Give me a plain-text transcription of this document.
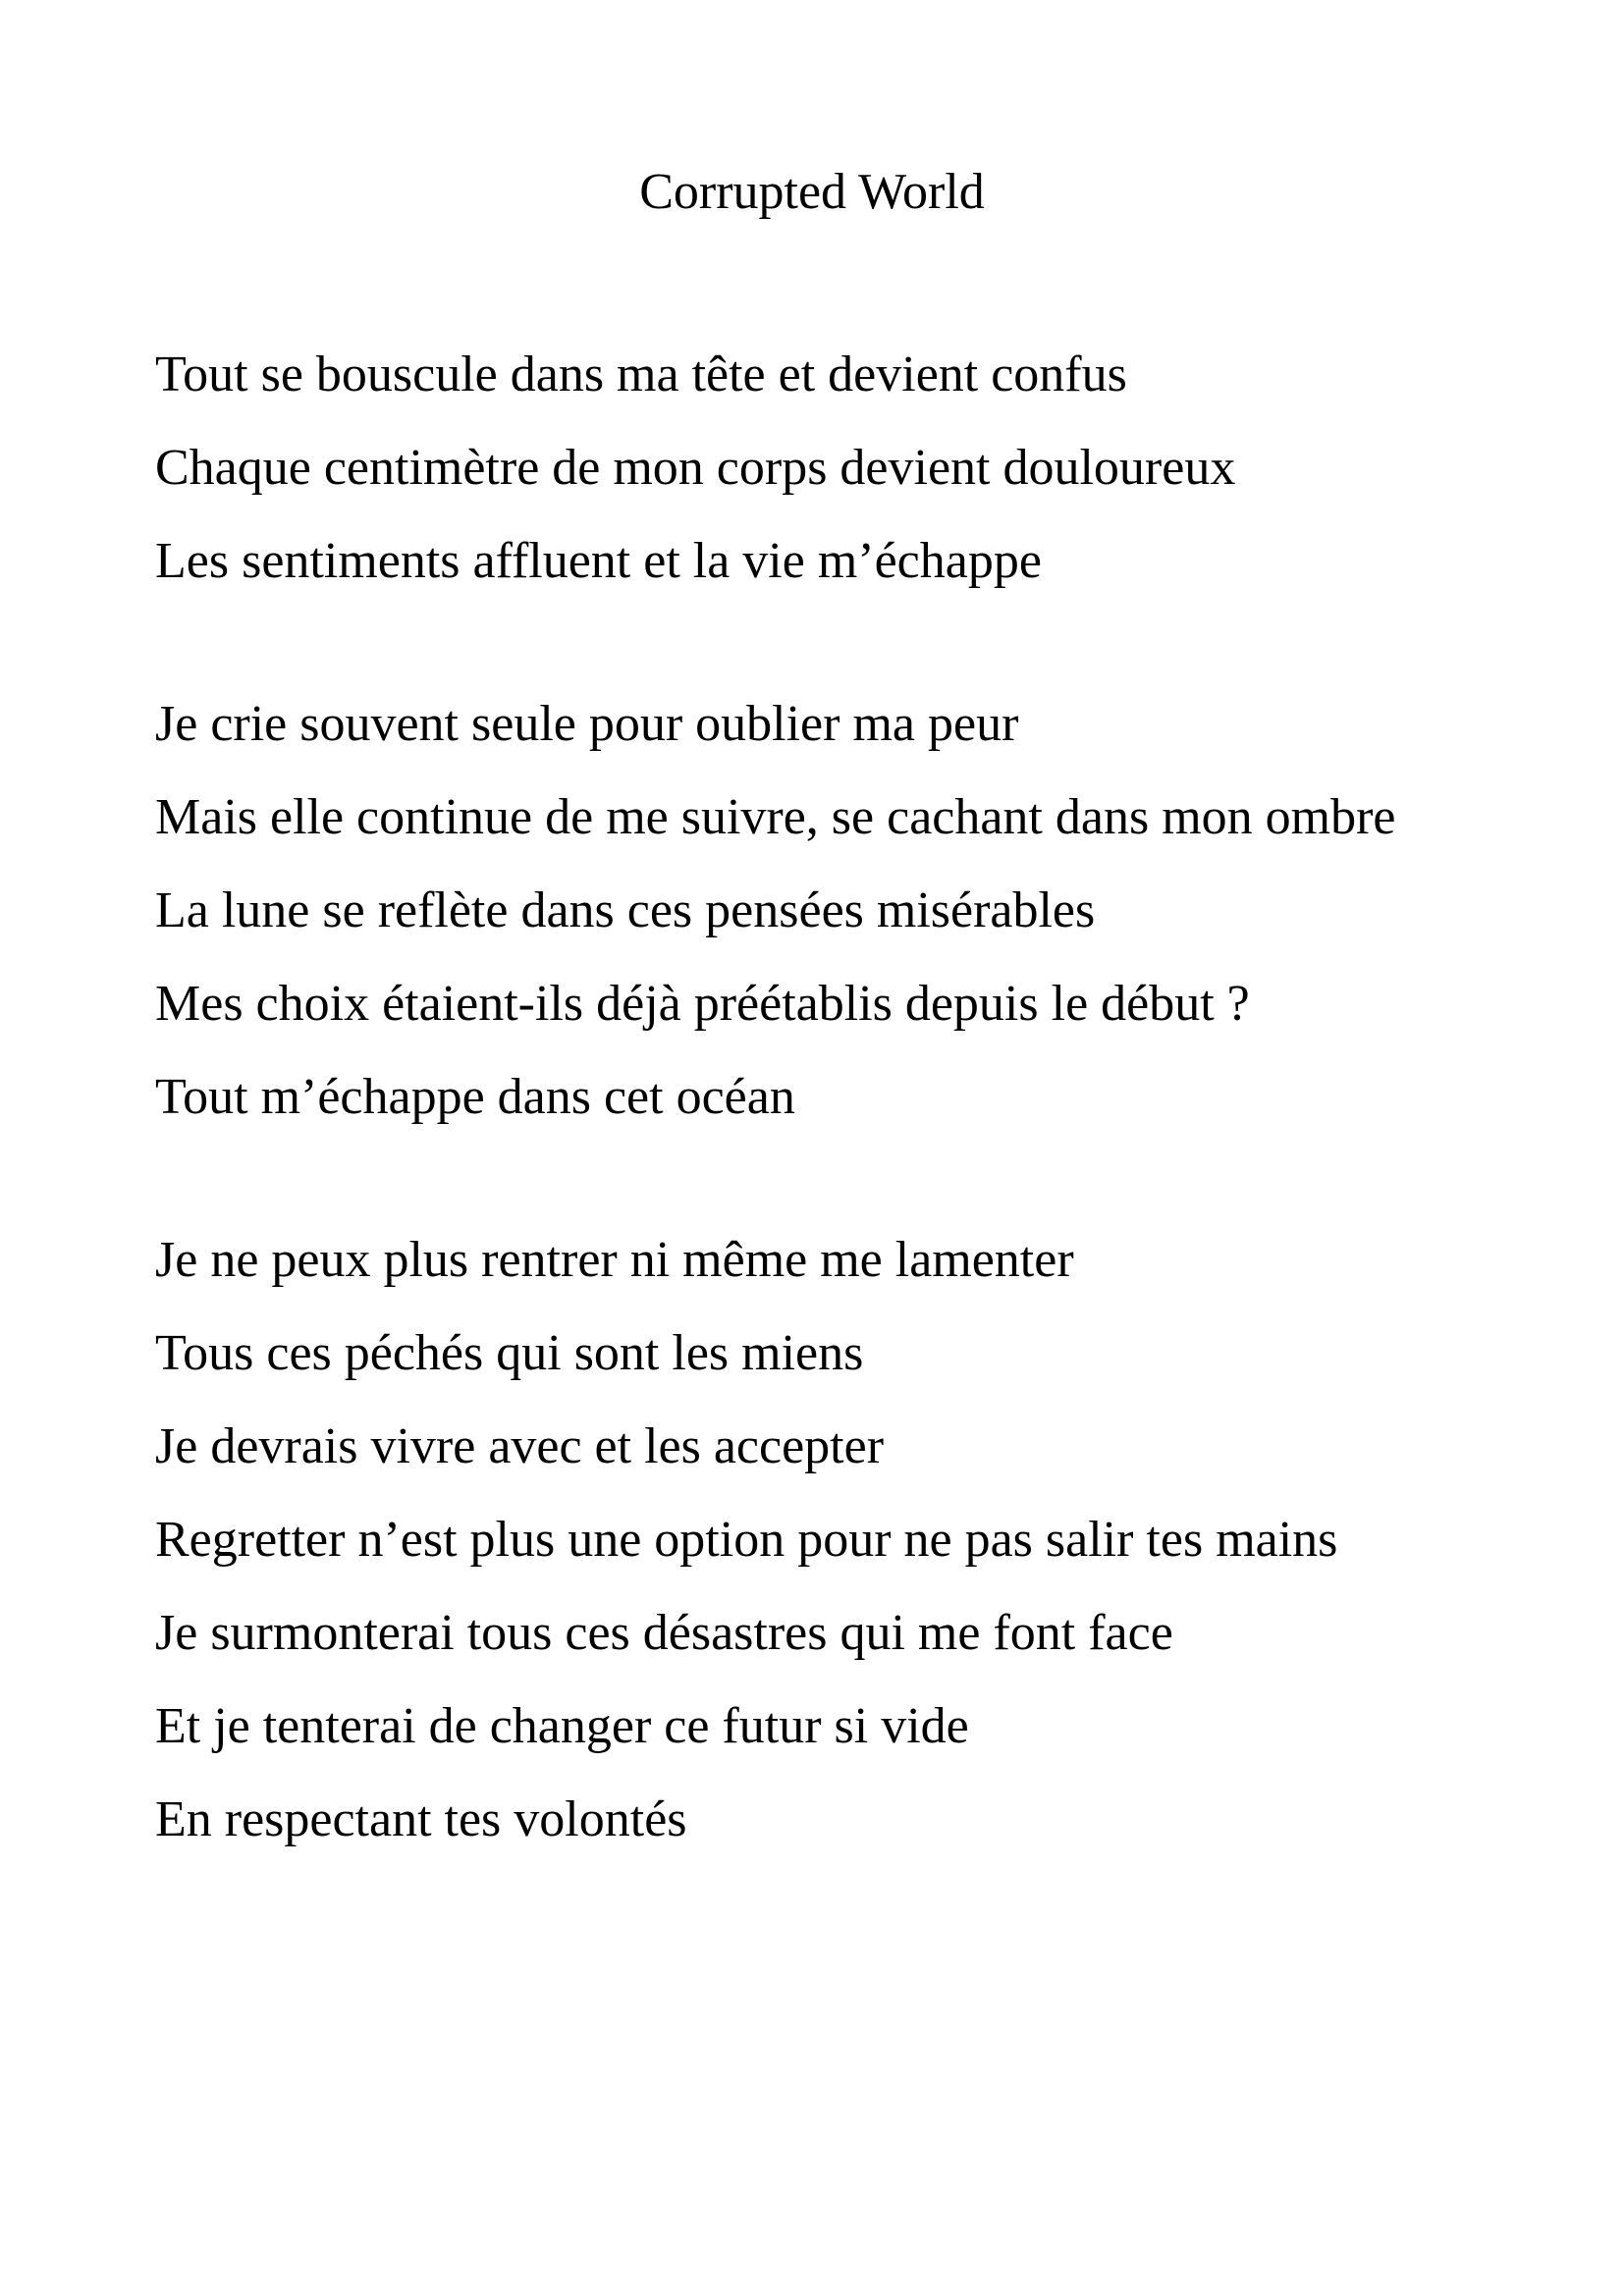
Corrupted World
Tout se bouscule dans ma tête et devient confus
Chaque centimètre de mon corps devient douloureux
Les sentiments affluent et la vie m’échappe
Je crie souvent seule pour oublier ma peur
Mais elle continue de me suivre, se cachant dans mon ombre
La lune se reflète dans ces pensées misérables
Mes choix étaient-ils déjà préétablis depuis le début ?
Tout m’échappe dans cet océan
Je ne peux plus rentrer ni même me lamenter
Tous ces péchés qui sont les miens
Je devrais vivre avec et les accepter
Regretter n’est plus une option pour ne pas salir tes mains
Je surmonterai tous ces désastres qui me font face
Et je tenterai de changer ce futur si vide
En respectant tes volontés
